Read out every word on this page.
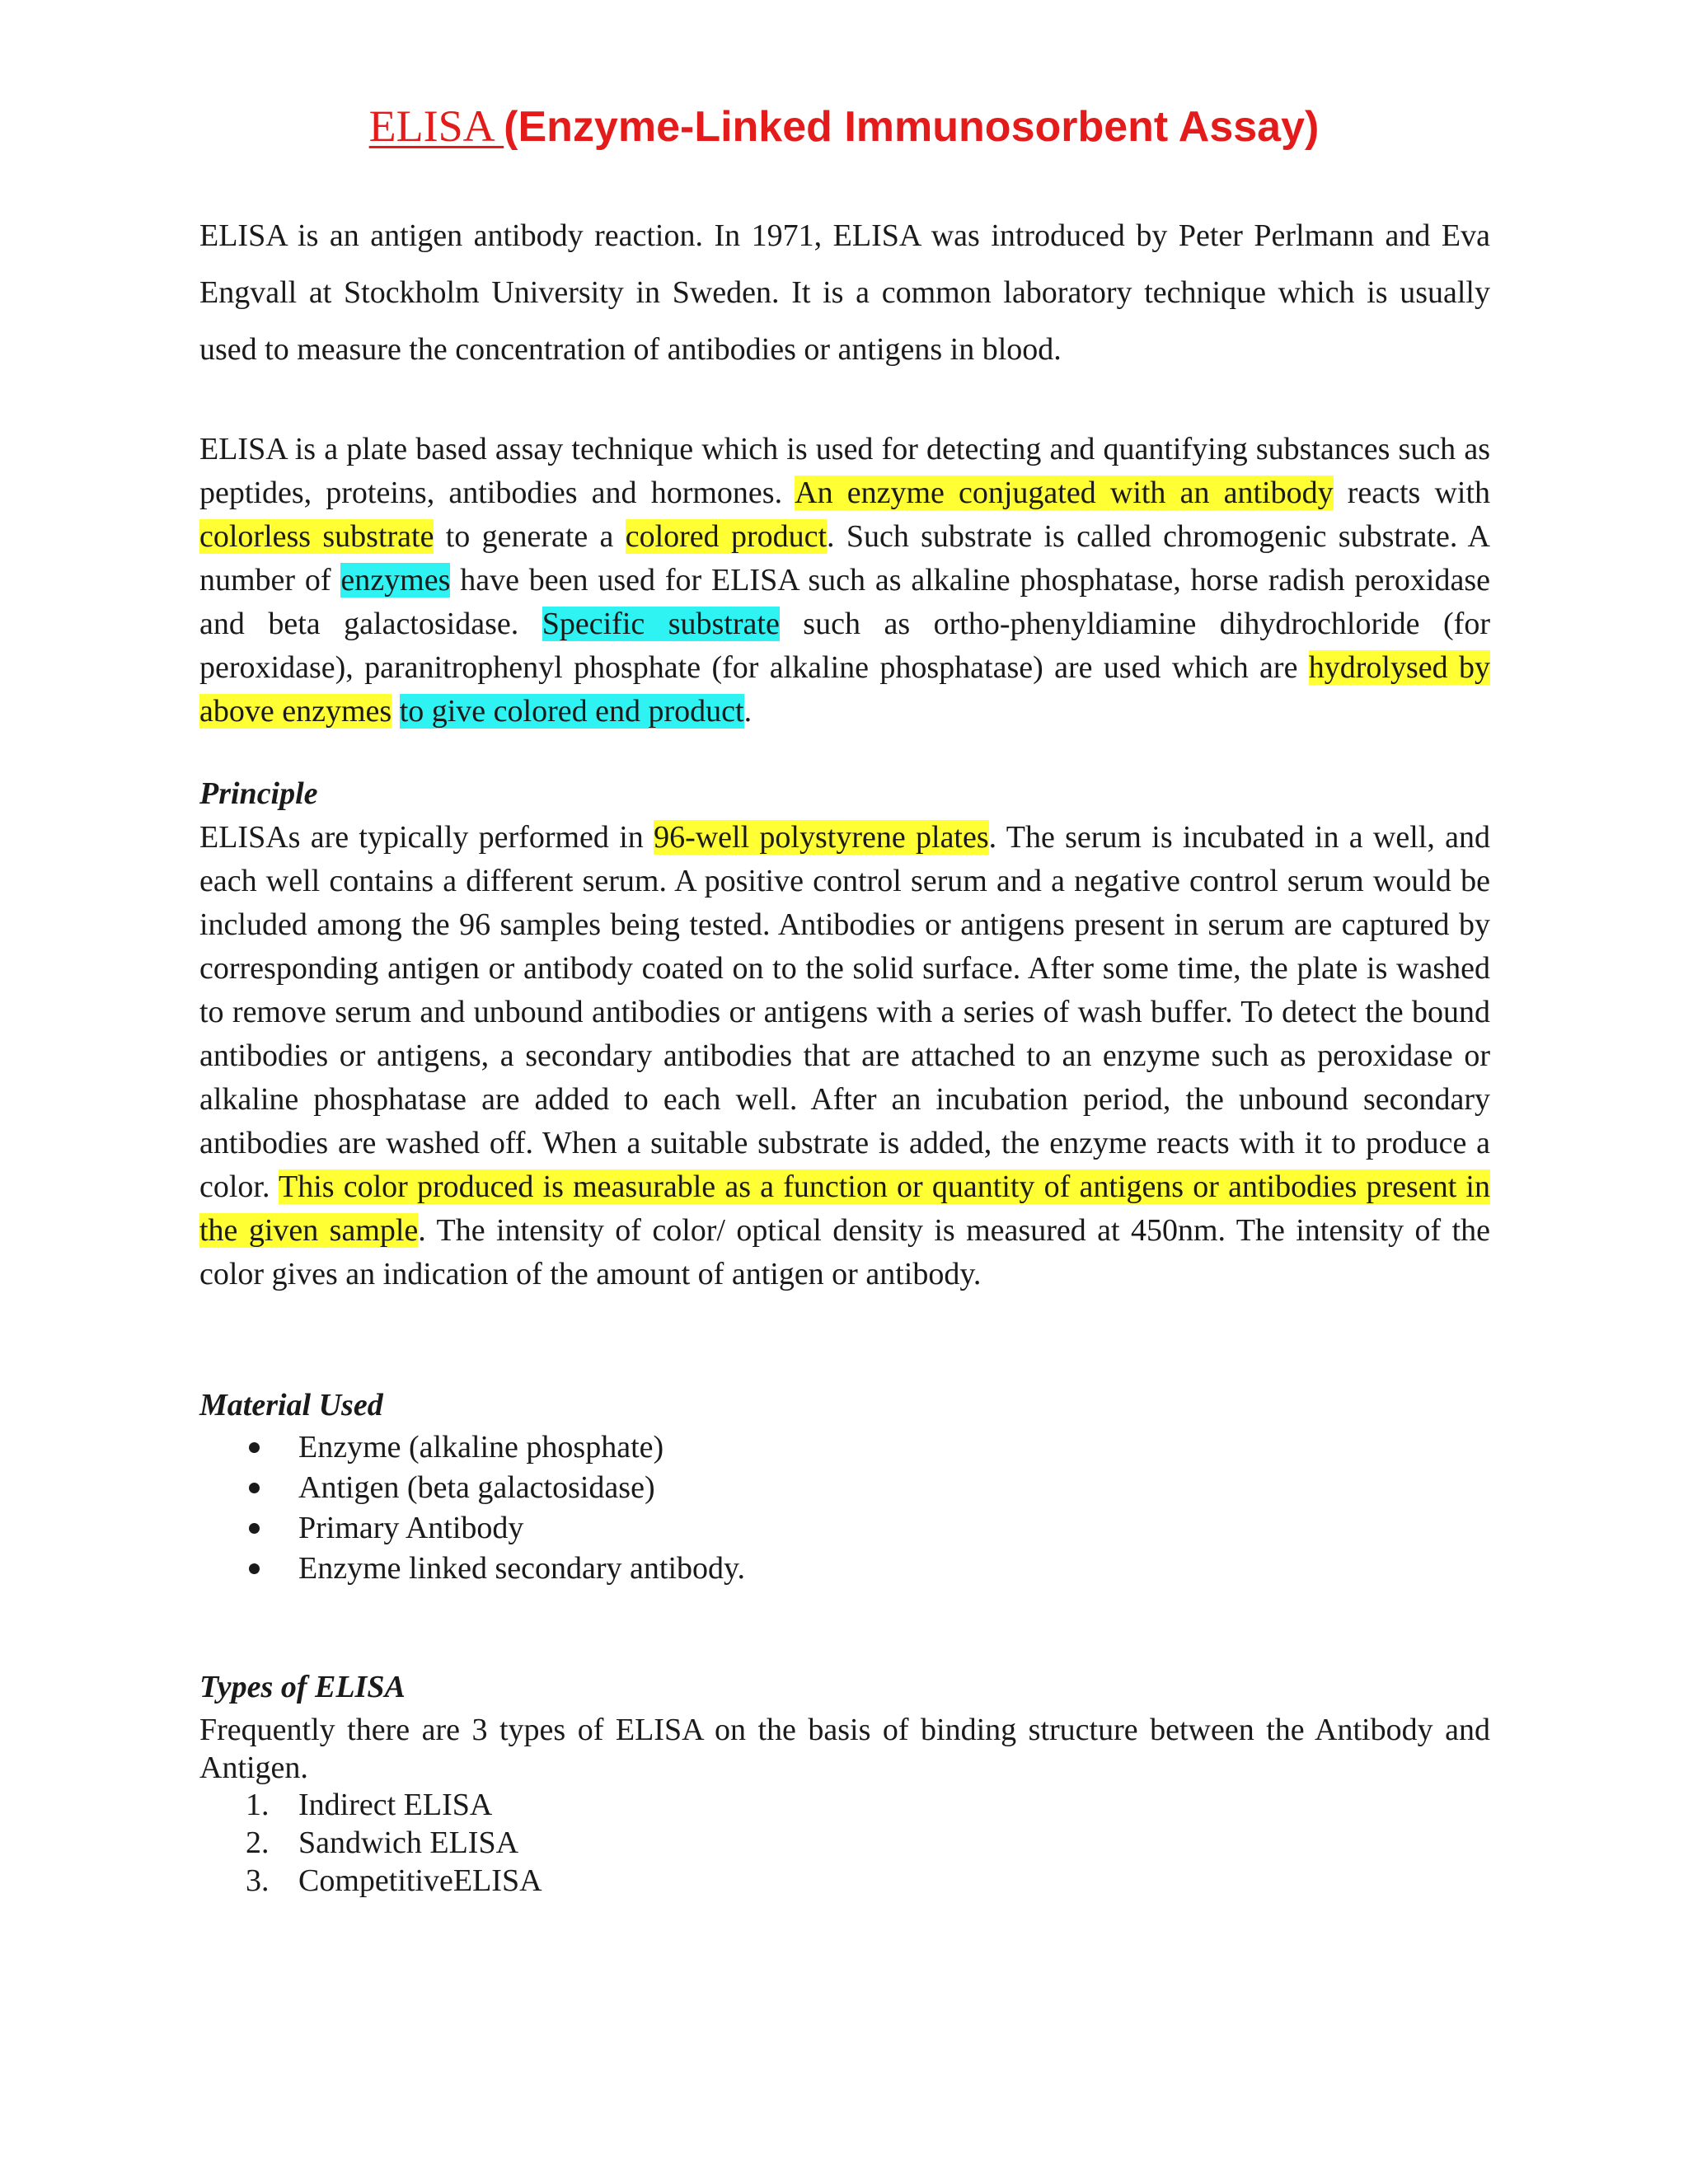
ELISA (Enzyme-Linked Immunosorbent Assay)
ELISA is an antigen antibody reaction. In 1971, ELISA was introduced by Peter Perlmann and Eva Engvall at Stockholm University in Sweden. It is a common laboratory technique which is usually used to measure the concentration of antibodies or antigens in blood.
ELISA is a plate based assay technique which is used for detecting and quantifying substances such as peptides, proteins, antibodies and hormones. An enzyme conjugated with an antibody reacts with colorless substrate to generate a colored product. Such substrate is called chromogenic substrate. A number of enzymes have been used for ELISA such as alkaline phosphatase, horse radish peroxidase and beta galactosidase. Specific substrate such as ortho-phenyldiamine dihydrochloride (for peroxidase), paranitrophenyl phosphate (for alkaline phosphatase) are used which are hydrolysed by above enzymes to give colored end product.
Principle
ELISAs are typically performed in 96-well polystyrene plates. The serum is incubated in a well, and each well contains a different serum. A positive control serum and a negative control serum would be included among the 96 samples being tested. Antibodies or antigens present in serum are captured by corresponding antigen or antibody coated on to the solid surface. After some time, the plate is washed to remove serum and unbound antibodies or antigens with a series of wash buffer. To detect the bound antibodies or antigens, a secondary antibodies that are attached to an enzyme such as peroxidase or alkaline phosphatase are added to each well. After an incubation period, the unbound secondary antibodies are washed off. When a suitable substrate is added, the enzyme reacts with it to produce a color. This color produced is measurable as a function or quantity of antigens or antibodies present in the given sample. The intensity of color/ optical density is measured at 450nm. The intensity of the color gives an indication of the amount of antigen or antibody.
Material Used
Enzyme (alkaline phosphate)
Antigen (beta galactosidase)
Primary Antibody
Enzyme linked secondary antibody.
Types of ELISA
Frequently there are 3 types of ELISA on the basis of binding structure between the Antibody and Antigen.
1. Indirect ELISA
2. Sandwich ELISA
3. CompetitiveELISA
